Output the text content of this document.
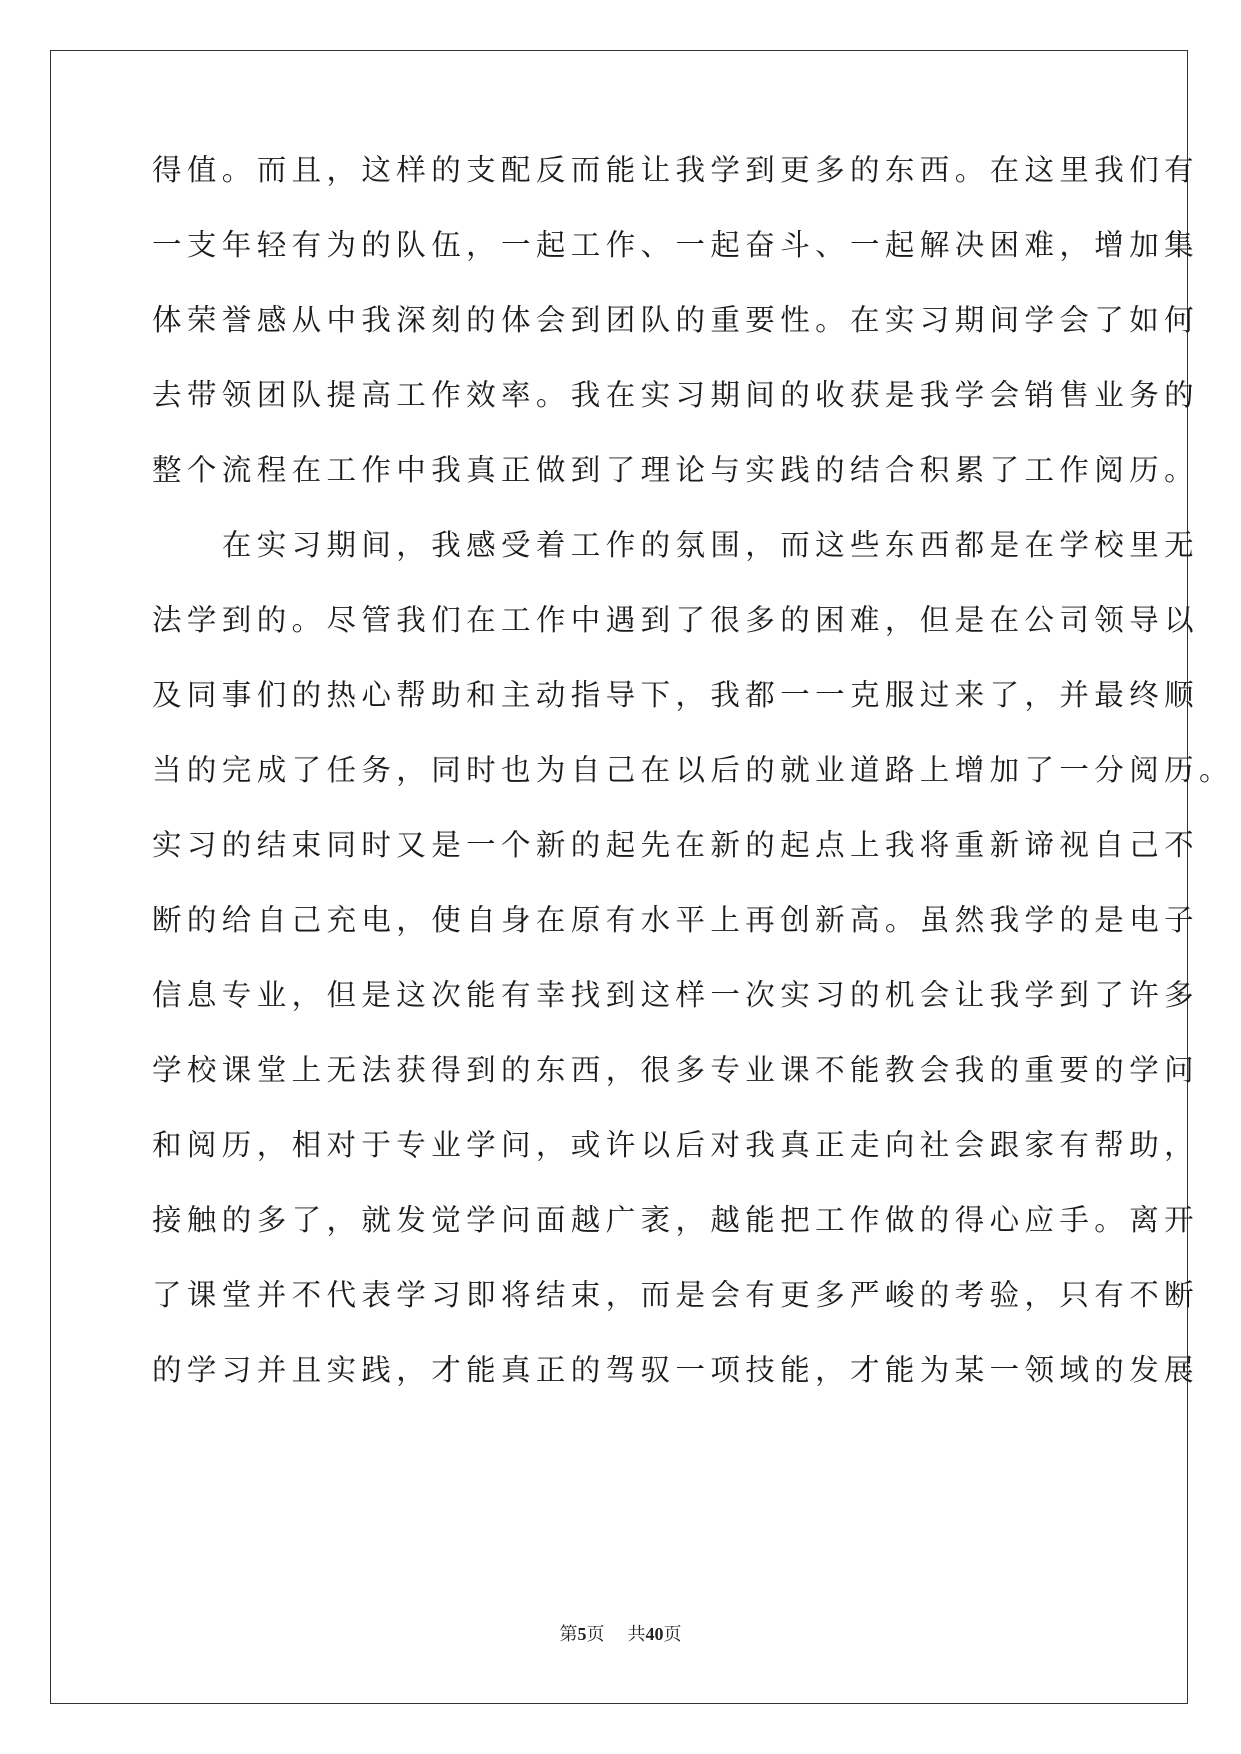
得值。而且，这样的支配反而能让我学到更多的东西。在这里我们有
一支年轻有为的队伍，一起工作、一起奋斗、一起解决困难，增加集
体荣誉感从中我深刻的体会到团队的重要性。在实习期间学会了如何
去带领团队提高工作效率。我在实习期间的收获是我学会销售业务的
整个流程在工作中我真正做到了理论与实践的结合积累了工作阅历。
　　在实习期间，我感受着工作的氛围，而这些东西都是在学校里无
法学到的。尽管我们在工作中遇到了很多的困难，但是在公司领导以
及同事们的热心帮助和主动指导下，我都一一克服过来了，并最终顺
当的完成了任务，同时也为自己在以后的就业道路上增加了一分阅历。
实习的结束同时又是一个新的起先在新的起点上我将重新谛视自己不
断的给自己充电，使自身在原有水平上再创新高。虽然我学的是电子
信息专业，但是这次能有幸找到这样一次实习的机会让我学到了许多
学校课堂上无法获得到的东西，很多专业课不能教会我的重要的学问
和阅历，相对于专业学问，或许以后对我真正走向社会跟家有帮助，
接触的多了，就发觉学问面越广袤，越能把工作做的得心应手。离开
了课堂并不代表学习即将结束，而是会有更多严峻的考验，只有不断
的学习并且实践，才能真正的驾驭一项技能，才能为某一领域的发展
第5页 共40页
